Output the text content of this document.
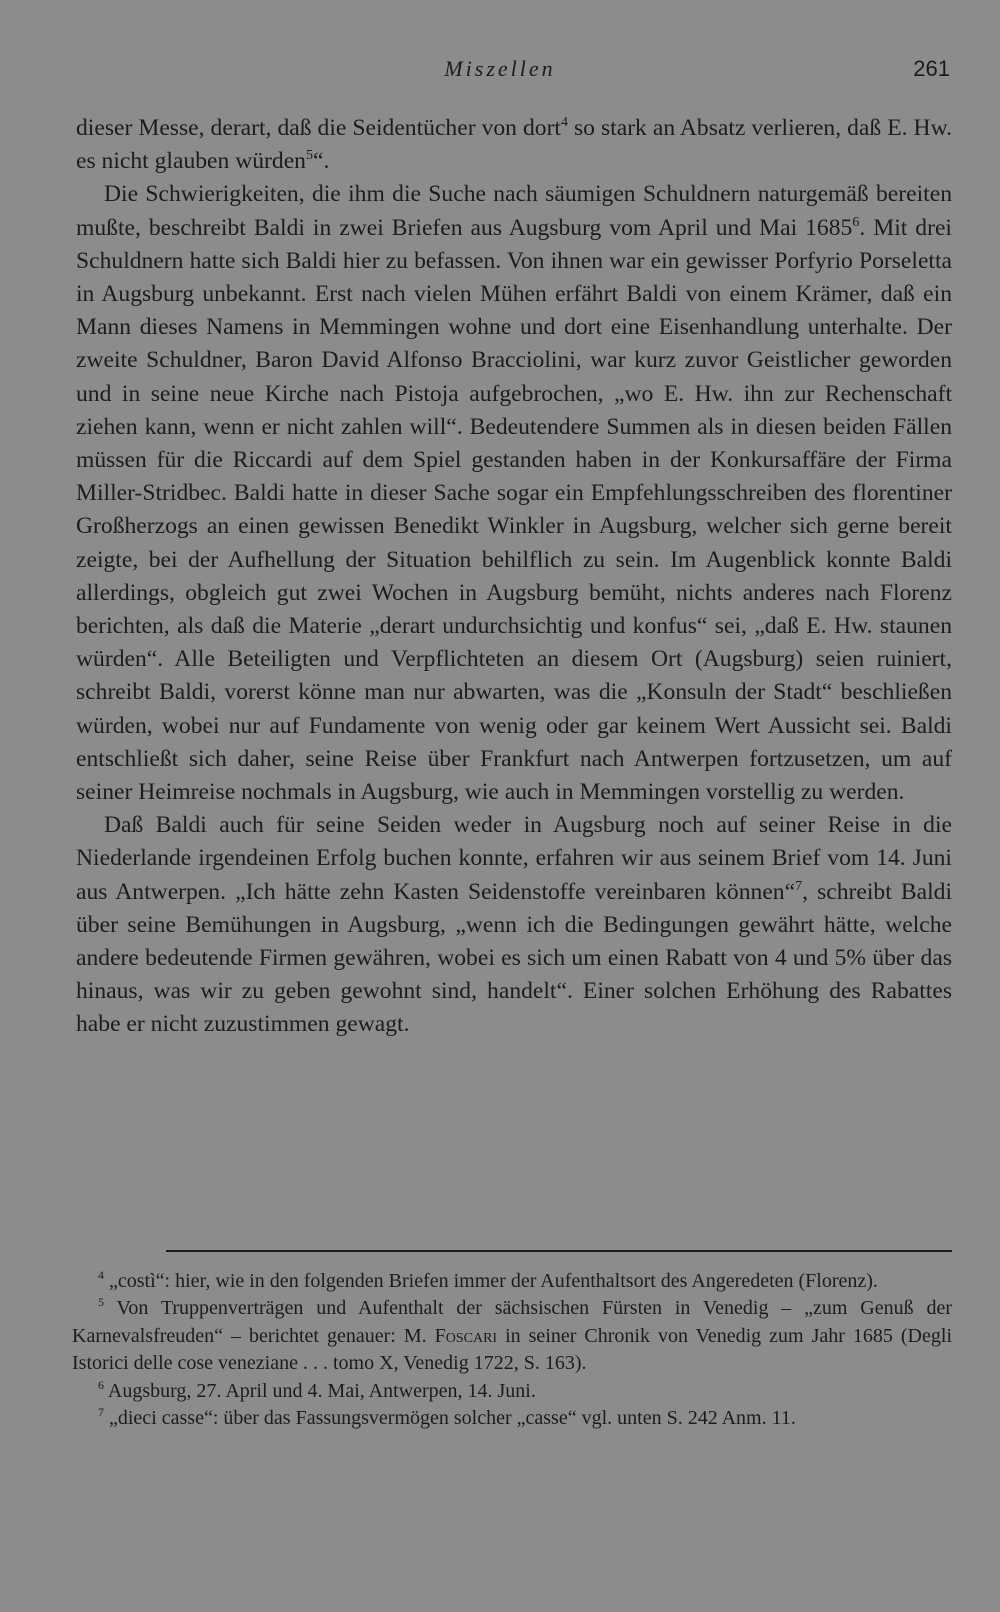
Miszellen	261

dieser Messe, derart, daß die Seidentücher von dort$^4$ so stark an Absatz verlieren, daß E. Hw. es nicht glauben würden$^5$“.

Die Schwierigkeiten, die ihm die Suche nach säumigen Schuldnern naturgemäß bereiten mußte, beschreibt Baldi in zwei Briefen aus Augsburg vom April und Mai 1685$^6$. Mit drei Schuldnern hatte sich Baldi hier zu befassen. Von ihnen war ein gewisser Porfyrio Porseletta in Augsburg unbekannt. Erst nach vielen Mühen erfährt Baldi von einem Krämer, daß ein Mann dieses Namens in Memmingen wohne und dort eine Eisenhandlung unterhalte. Der zweite Schuldner, Baron David Alfonso Bracciolini, war kurz zuvor Geistlicher geworden und in seine neue Kirche nach Pistoja aufgebrochen, „wo E. Hw. ihn zur Rechenschaft ziehen kann, wenn er nicht zahlen will“. Bedeutendere Summen als in diesen beiden Fällen müssen für die Riccardi auf dem Spiel gestanden haben in der Konkursaffäre der Firma Miller-Stridbec. Baldi hatte in dieser Sache sogar ein Empfehlungsschreiben des florentiner Großherzogs an einen gewissen Benedikt Winkler in Augsburg, welcher sich gerne bereit zeigte, bei der Aufhellung der Situation behilflich zu sein. Im Augenblick konnte Baldi allerdings, obgleich gut zwei Wochen in Augsburg bemüht, nichts anderes nach Florenz berichten, als daß die Materie „derart undurchsichtig und konfus“ sei, „daß E. Hw. staunen würden“. Alle Beteiligten und Verpflichteten an diesem Ort (Augsburg) seien ruiniert, schreibt Baldi, vorerst könne man nur abwarten, was die „Konsuln der Stadt“ beschließen würden, wobei nur auf Fundamente von wenig oder gar keinem Wert Aussicht sei. Baldi entschließt sich daher, seine Reise über Frankfurt nach Antwerpen fortzusetzen, um auf seiner Heimreise nochmals in Augsburg, wie auch in Memmingen vorstellig zu werden.

Daß Baldi auch für seine Seiden weder in Augsburg noch auf seiner Reise in die Niederlande irgendeinen Erfolg buchen konnte, erfahren wir aus seinem Brief vom 14. Juni aus Antwerpen. „Ich hätte zehn Kasten Seidenstoffe vereinbaren können“$^7$, schreibt Baldi über seine Bemühungen in Augsburg, „wenn ich die Bedingungen gewährt hätte, welche andere bedeutende Firmen gewähren, wobei es sich um einen Rabatt von 4 und 5% über das hinaus, was wir zu geben gewohnt sind, handelt“. Einer solchen Erhöhung des Rabattes habe er nicht zuzustimmen gewagt.

$^4$ „costì“: hier, wie in den folgenden Briefen immer der Aufenthaltsort des Angeredeten (Florenz).

$^5$ Von Truppenverträgen und Aufenthalt der sächsischen Fürsten in Venedig – „zum Genuß der Karnevalsfreuden“ – berichtet genauer: M. Foscari in seiner Chronik von Venedig zum Jahr 1685 (Degli Istorici delle cose veneziane . . . tomo X, Venedig 1722, S. 163).

$^6$ Augsburg, 27. April und 4. Mai, Antwerpen, 14. Juni.

$^7$ „dieci casse“: über das Fassungsvermögen solcher „casse“ vgl. unten S. 242 Anm. 11.
